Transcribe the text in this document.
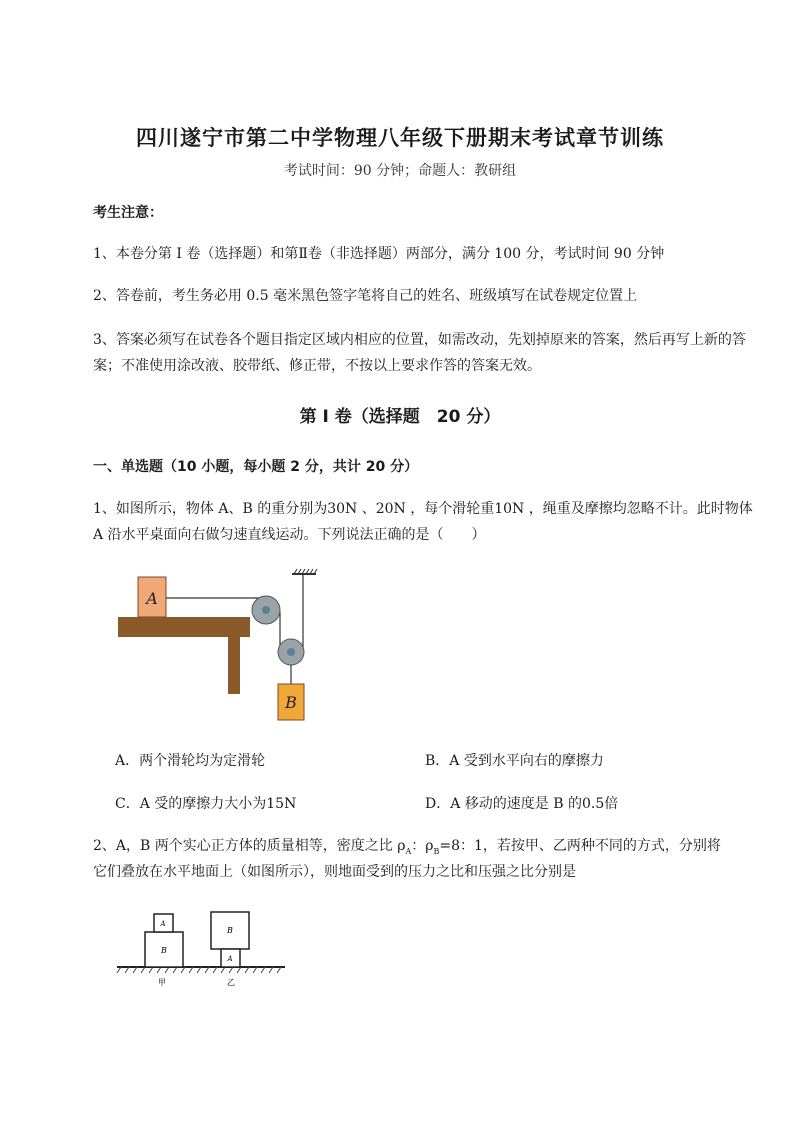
四川遂宁市第二中学物理八年级下册期末考试章节训练
考试时间：90 分钟；命题人：教研组
考生注意：
1、本卷分第 I 卷（选择题）和第Ⅱ卷（非选择题）两部分，满分 100 分，考试时间 90 分钟
2、答卷前，考生务必用 0.5 毫米黑色签字笔将自己的姓名、班级填写在试卷规定位置上
3、答案必须写在试卷各个题目指定区域内相应的位置，如需改动，先划掉原来的答案，然后再写上新的答案；不准使用涂改液、胶带纸、修正带，不按以上要求作答的答案无效。
第 I 卷（选择题　20 分）
一、单选题（10 小题，每小题 2 分，共计 20 分）
1、如图所示，物体 A、B 的重分别为30N 、20N ，每个滑轮重10N ，绳重及摩擦均忽略不计。此时物体 A 沿水平桌面向右做匀速直线运动。下列说法正确的是（　　）
A
B
A．两个滑轮均为定滑轮	B．A 受到水平向右的摩擦力
C．A 受的摩擦力大小为15N	D．A 移动的速度是 B 的0.5倍
2、A，B 两个实心正方体的质量相等，密度之比 $\rho_A$：$\rho_B=8$：1，若按甲、乙两种不同的方式，分别将
它们叠放在水平地面上（如图所示），则地面受到的压力之比和压强之比分别是
B
A
B
A
甲	乙
